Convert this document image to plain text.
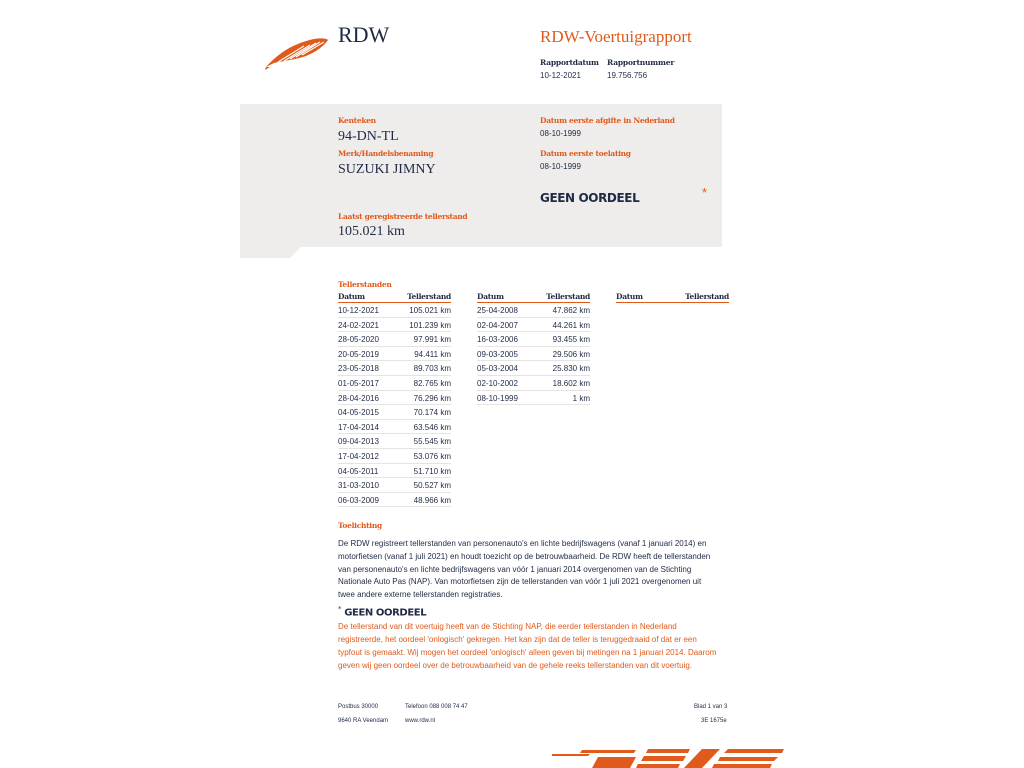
RDW	RDW-Voertuigrapport
Rapportdatum Rapportnummer
10-12-2021	19.756.756
Kenteken
94-DN-TL
Merk/Handelsbenaming
SUZUKI JIMNY
Datum eerste afgifte in Nederland
08-10-1999
Datum eerste toelating
08-10-1999
GEEN OORDEEL	*
Laatst geregistreerde tellerstand
105.021 km
Tellerstanden
Datum	Tellerstand
10-12-2021	105.021 km
24-02-2021	101.239 km
28-05-2020	97.991 km
20-05-2019	94.411 km
23-05-2018	89.703 km
01-05-2017	82.765 km
28-04-2016	76.296 km
04-05-2015	70.174 km
17-04-2014	63.546 km
09-04-2013	55.545 km
17-04-2012	53.076 km
04-05-2011	51.710 km
31-03-2010	50.527 km
06-03-2009	48.966 km
Datum	Tellerstand
25-04-2008	47.862 km
02-04-2007	44.261 km
16-03-2006	93.455 km
09-03-2005	29.506 km
05-03-2004	25.830 km
02-10-2002	18.602 km
08-10-1999	1 km
Datum	Tellerstand
Toelichting
De RDW registreert tellerstanden van personenauto's en lichte bedrijfswagens (vanaf 1 januari 2014) en
motorfietsen (vanaf 1 juli 2021) en houdt toezicht op de betrouwbaarheid. De RDW heeft de tellerstanden
van personenauto's en lichte bedrijfswagens van vóór 1 januari 2014 overgenomen van de Stichting
Nationale Auto Pas (NAP). Van motorfietsen zijn de tellerstanden van vóór 1 juli 2021 overgenomen uit
twee andere externe tellerstanden registraties.
* GEEN OORDEEL
De tellerstand van dit voertuig heeft van de Stichting NAP, die eerder tellerstanden in Nederland
registreerde, het oordeel 'onlogisch' gekregen. Het kan zijn dat de teller is teruggedraaid of dat er een
typfout is gemaakt. Wij mogen het oordeel 'onlogisch' alleen geven bij metingen na 1 januari 2014. Daarom
geven wij geen oordeel over de betrouwbaarheid van de gehele reeks tellerstanden van dit voertuig.
Postbus 30000
9640 RA Veendam
Telefoon 088 008 74 47
www.rdw.nl
Blad 1 van 3
3E 1675e
